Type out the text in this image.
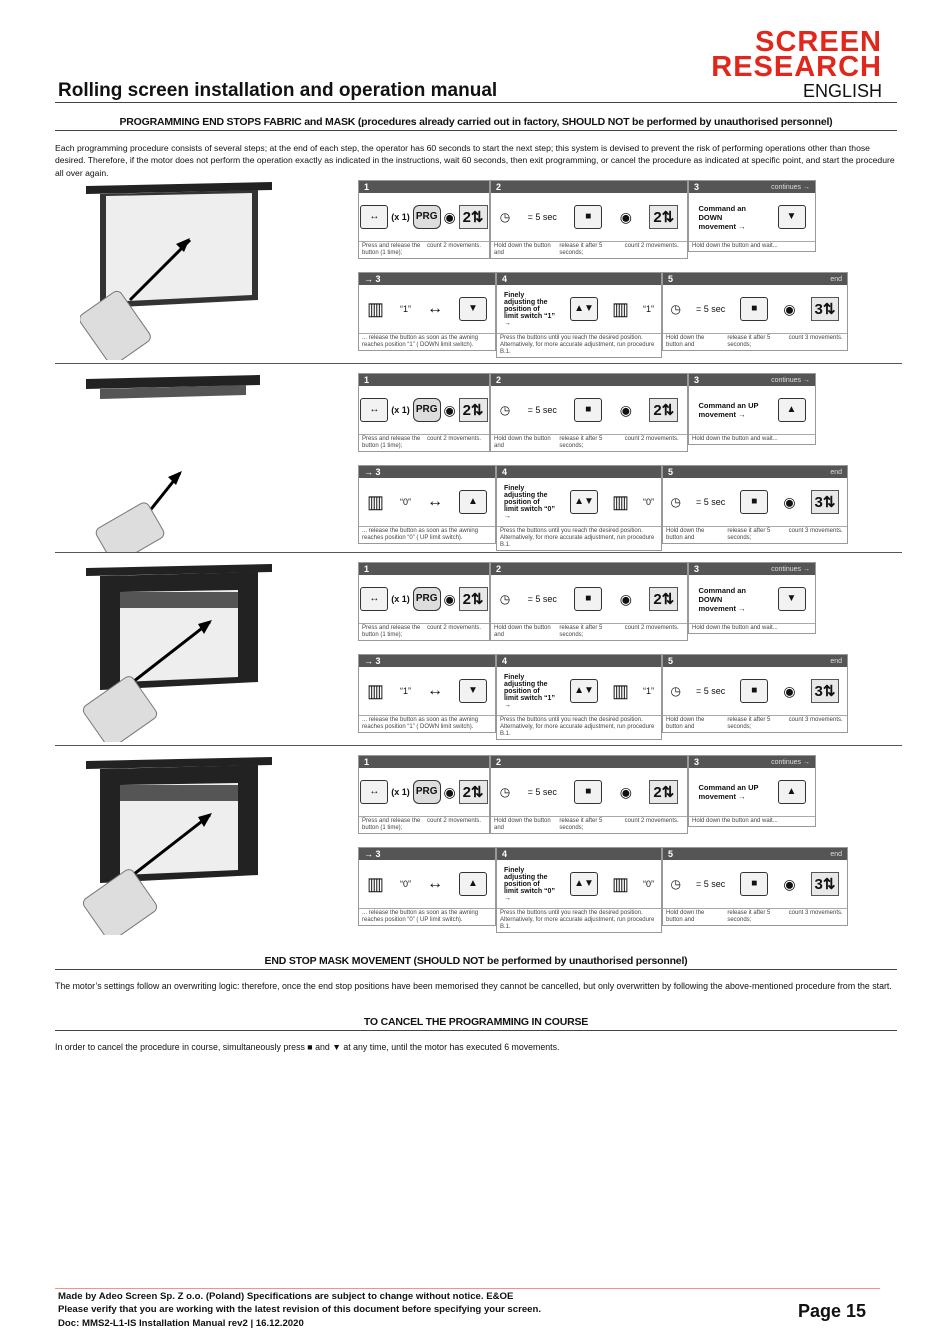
SCREEN
RESEARCH
Rolling screen installation and operation manual	ENGLISH
PROGRAMMING END STOPS FABRIC and MASK (procedures already carried out in factory, SHOULD NOT be performed by unauthorised personnel)
Each programming procedure consists of several steps; at the end of each step, the operator has 60 seconds to start the next step; this system is devised to prevent the risk of performing operations other than those desired. Therefore, if the motor does not perform the operation exactly as indicated in the instructions, wait 60 seconds, then exit programming, or cancel the procedure as indicated at specific point, and start the procedure all over again.
1
↔	(x 1) PRG ◉ 2⇅
Press and release the button (1 time);
count 2 movements.
2
◷ = 5 sec	■	◉ 2⇅
Hold down the button and
release it after 5 seconds;
count 2 movements.
3	continues →
Command an DOWN movement →
▼
Hold down the button and wait...
→ 3
▥ “1” ↔	▼
... release the button as soon as the awning reaches position “1” ( DOWN limit switch).
4
Finely adjusting the position of limit switch “1” →
▲▼ ▥ “1”
Press the buttons until you reach the desired position. Alternatively, for more accurate adjustment, run procedure B.1.
5	end
◷ = 5 sec	■	◉ 3⇅
Hold down the button and
release it after 5 seconds;
count 3 movements.
1
↔	(x 1) PRG ◉ 2⇅
Press and release the button (1 time);
count 2 movements.
2
◷ = 5 sec	■	◉ 2⇅
Hold down the button and
release it after 5 seconds;
count 2 movements.
3	continues →
Command an UP movement →	▲
Hold down the button and wait...
→ 3
▥ “0” ↔	▲
... release the button as soon as the awning reaches position “0” ( UP limit switch).
4
Finely adjusting the position of limit switch “0” →
▲▼ ▥ “0”
Press the buttons until you reach the desired position. Alternatively, for more accurate adjustment, run procedure B.1.
5	end
◷ = 5 sec	■	◉ 3⇅
Hold down the button and
release it after 5 seconds;
count 3 movements.
1
↔	(x 1) PRG ◉ 2⇅
Press and release the button (1 time);
count 2 movements.
2
◷ = 5 sec	■	◉ 2⇅
Hold down the button and
release it after 5 seconds;
count 2 movements.
3	continues →
Command an DOWN movement →
▼
Hold down the button and wait...
→ 3
▥ “1” ↔	▼
... release the button as soon as the awning reaches position “1” ( DOWN limit switch).
4
Finely adjusting the position of limit switch “1” →
▲▼ ▥ “1”
Press the buttons until you reach the desired position. Alternatively, for more accurate adjustment, run procedure B.1.
5	end
◷ = 5 sec	■	◉ 3⇅
Hold down the button and
release it after 5 seconds;
count 3 movements.
1
↔	(x 1) PRG ◉ 2⇅
Press and release the button (1 time);
count 2 movements.
2
◷ = 5 sec	■	◉ 2⇅
Hold down the button and
release it after 5 seconds;
count 2 movements.
3	continues →
Command an UP movement →	▲
Hold down the button and wait...
→ 3
▥ “0” ↔	▲
... release the button as soon as the awning reaches position “0” ( UP limit switch).
4
Finely adjusting the position of limit switch “0” →
▲▼ ▥ “0”
Press the buttons until you reach the desired position. Alternatively, for more accurate adjustment, run procedure B.1.
5	end
◷ = 5 sec	■	◉ 3⇅
Hold down the button and
release it after 5 seconds;
count 3 movements.
END STOP MASK MOVEMENT (SHOULD NOT be performed by unauthorised personnel)
The motor’s settings follow an overwriting logic: therefore, once the end stop positions have been memorised they cannot be cancelled, but only overwritten by following the above-mentioned procedure from the start.
TO CANCEL THE PROGRAMMING IN COURSE
In order to cancel the procedure in course, simultaneously press ■ and ▼ at any time, until the motor has executed 6 movements.
Made by Adeo Screen Sp. Z o.o. (Poland) Specifications are subject to change without notice. E&OE
Please verify that you are working with the latest revision of this document before specifying your screen.
Doc: MMS2-L1-IS Installation Manual rev2 | 16.12.2020
Page 15
